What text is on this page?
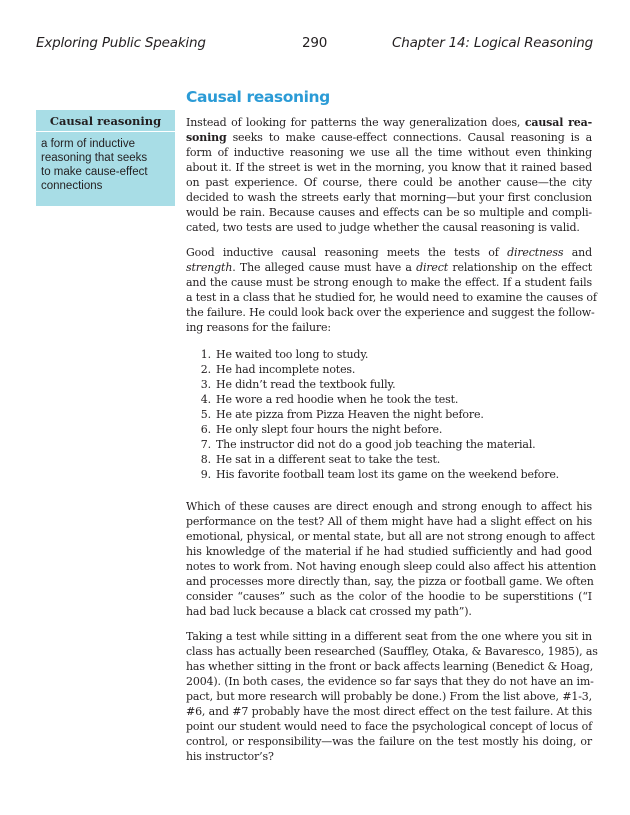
Exploring Public Speaking	290	Chapter 14: Logical Reasoning
Causal reasoning
Causal reasoning
a form of inductive
reasoning that seeks
to make cause-effect
connections

Instead of looking for patterns the way generalization does, causal rea-
soning seeks to make cause-effect connections. Causal reasoning is a
form of inductive reasoning we use all the time without even thinking
about it. If the street is wet in the morning, you know that it rained based
on past experience. Of course, there could be another cause—the city
decided to wash the streets early that morning—but your first conclusion
would be rain. Because causes and effects can be so multiple and compli-
cated, two tests are used to judge whether the causal reasoning is valid.

Good inductive causal reasoning meets the tests of directness and
strength. The alleged cause must have a direct relationship on the effect
and the cause must be strong enough to make the effect. If a student fails
a test in a class that he studied for, he would need to examine the causes of
the failure. He could look back over the experience and suggest the follow-
ing reasons for the failure:

1. He waited too long to study.
2. He had incomplete notes.
3. He didn’t read the textbook fully.
4. He wore a red hoodie when he took the test.
5. He ate pizza from Pizza Heaven the night before.
6. He only slept four hours the night before.
7. The instructor did not do a good job teaching the material.
8. He sat in a different seat to take the test.
9. His favorite football team lost its game on the weekend before.

Which of these causes are direct enough and strong enough to affect his
performance on the test? All of them might have had a slight effect on his
emotional, physical, or mental state, but all are not strong enough to affect
his knowledge of the material if he had studied sufficiently and had good
notes to work from. Not having enough sleep could also affect his attention
and processes more directly than, say, the pizza or football game. We often
consider “causes” such as the color of the hoodie to be superstitions (“I
had bad luck because a black cat crossed my path”).

Taking a test while sitting in a different seat from the one where you sit in
class has actually been researched (Sauffley, Otaka, & Bavaresco, 1985), as
has whether sitting in the front or back affects learning (Benedict & Hoag,
2004). (In both cases, the evidence so far says that they do not have an im-
pact, but more research will probably be done.) From the list above, #1-3,
#6, and #7 probably have the most direct effect on the test failure. At this
point our student would need to face the psychological concept of locus of
control, or responsibility—was the failure on the test mostly his doing, or
his instructor’s?
